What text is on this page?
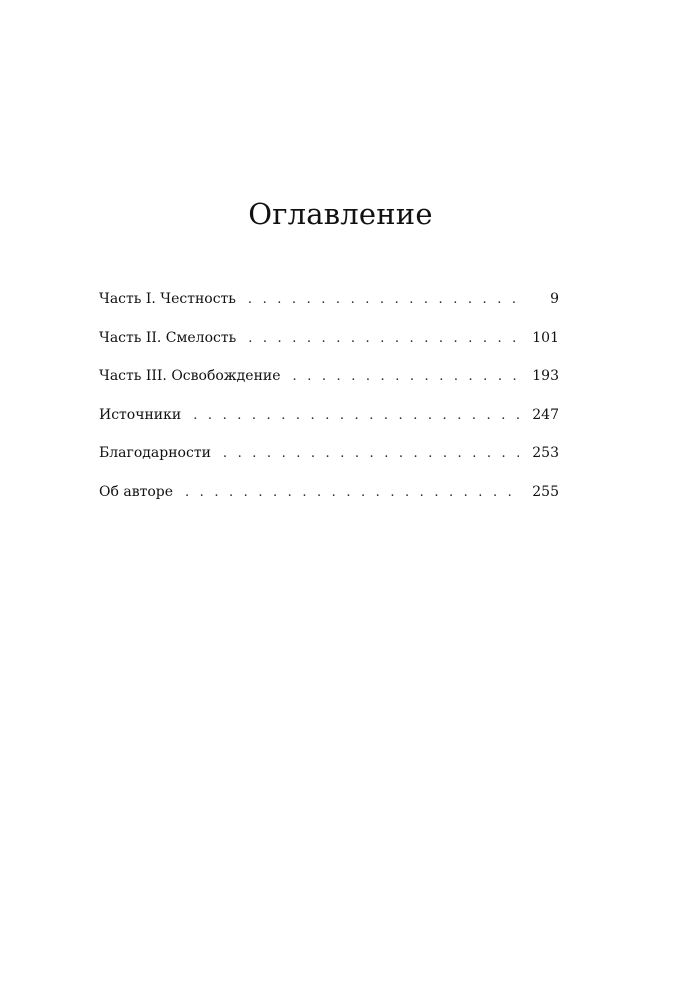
Оглавление
Часть I. Честность . . .	9
Часть II. Смелость . . .	101
Часть III. Освобождение . . .	193
Источники . . .	247
Благодарности . . .	253
Об авторе . . .	255
